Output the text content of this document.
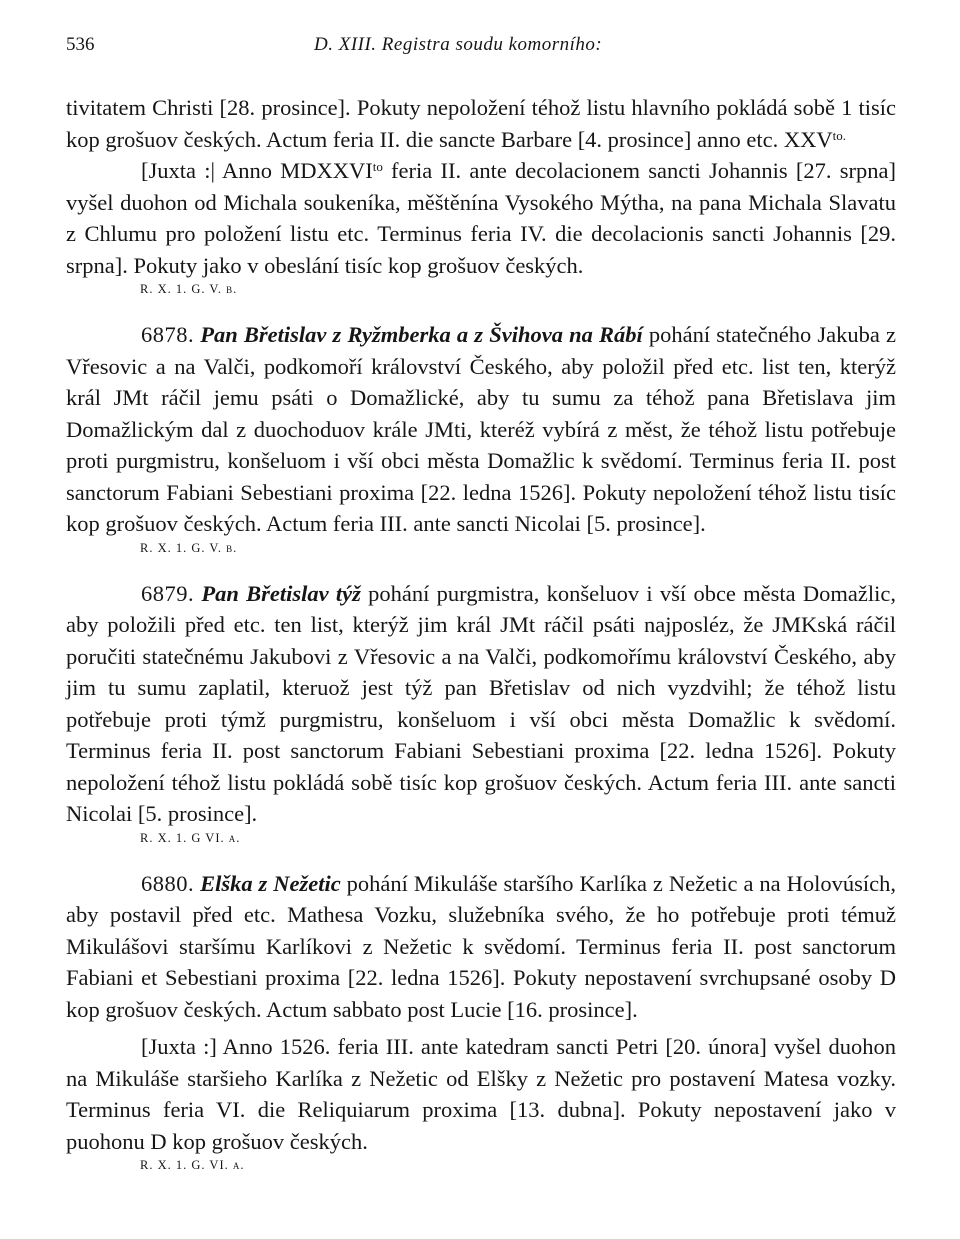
536	D. XIII. Registra soudu komorního:

tivitatem Christi [28. prosince]. Pokuty nepoložení téhož listu hlavního pokládá sobě 1 tisíc kop grošuov českých. Actum feria II. die sancte Barbare [4. prosince] anno etc. $XXV^{to.}$

[Juxta :| Anno $MDXXVI^{to}$ feria II. ante decolacionem sancti Johannis [27. srpna] vyšel duohon od Michala soukeníka, měštěnína Vysokého Mýtha, na pana Michala Slavatu z Chlumu pro položení listu etc. Terminus feria IV. die decolacionis sancti Johannis [29. srpna]. Pokuty jako v obeslání tisíc kop grošuov českých.

R. X. 1. G. V. b.

6878. Pan Břetislav z Ryžmberka a z Švihova na Rábí pohání statečného Jakuba z Vřesovic a na Valči, podkomoří království Českého, aby položil před etc. list ten, kterýž král JMt ráčil jemu psáti o Domažlické, aby tu sumu za téhož pana Břetislava jim Domažlickým dal z duochoduov krále JMti, kteréž vybírá z měst, že téhož listu potřebuje proti purgmistru, konšeluom i vší obci města Domažlic k svědomí. Terminus feria II. post sanctorum Fabiani Sebestiani proxima [22. ledna 1526]. Pokuty nepoložení téhož listu tisíc kop grošuov českých. Actum feria III. ante sancti Nicolai [5. prosince].

R. X. 1. G. V. b.

6879. Pan Břetislav týž pohání purgmistra, konšeluov i vší obce města Domažlic, aby položili před etc. ten list, kterýž jim král JMt ráčil psáti najposléz, že JMKská ráčil poručiti statečnému Jakubovi z Vřesovic a na Valči, podkomořímu království Českého, aby jim tu sumu zaplatil, kteruož jest týž pan Břetislav od nich vyzdvihl; že téhož listu potřebuje proti týmž purgmistru, konšeluom i vší obci města Domažlic k svědomí. Terminus feria II. post sanctorum Fabiani Sebestiani proxima [22. ledna 1526]. Pokuty nepoložení téhož listu pokládá sobě tisíc kop grošuov českých. Actum feria III. ante sancti Nicolai [5. prosince].

R. X. 1. G VI. a.

6880. Elška z Nežetic pohání Mikuláše staršího Karlíka z Nežetic a na Holovúsích, aby postavil před etc. Mathesa Vozku, služebníka svého, že ho potřebuje proti témuž Mikulášovi staršímu Karlíkovi z Nežetic k svědomí. Terminus feria II. post sanctorum Fabiani et Sebestiani proxima [22. ledna 1526]. Pokuty nepostavení svrchupsané osoby D kop grošuov českých. Actum sabbato post Lucie [16. prosince].

[Juxta :] Anno 1526. feria III. ante katedram sancti Petri [20. února] vyšel duohon na Mikuláše staršieho Karlíka z Nežetic od Elšky z Nežetic pro postavení Matesa vozky. Terminus feria VI. die Reliquiarum proxima [13. dubna]. Pokuty nepostavení jako v puohonu D kop grošuov českých.

R. X. 1. G. VI. a.
